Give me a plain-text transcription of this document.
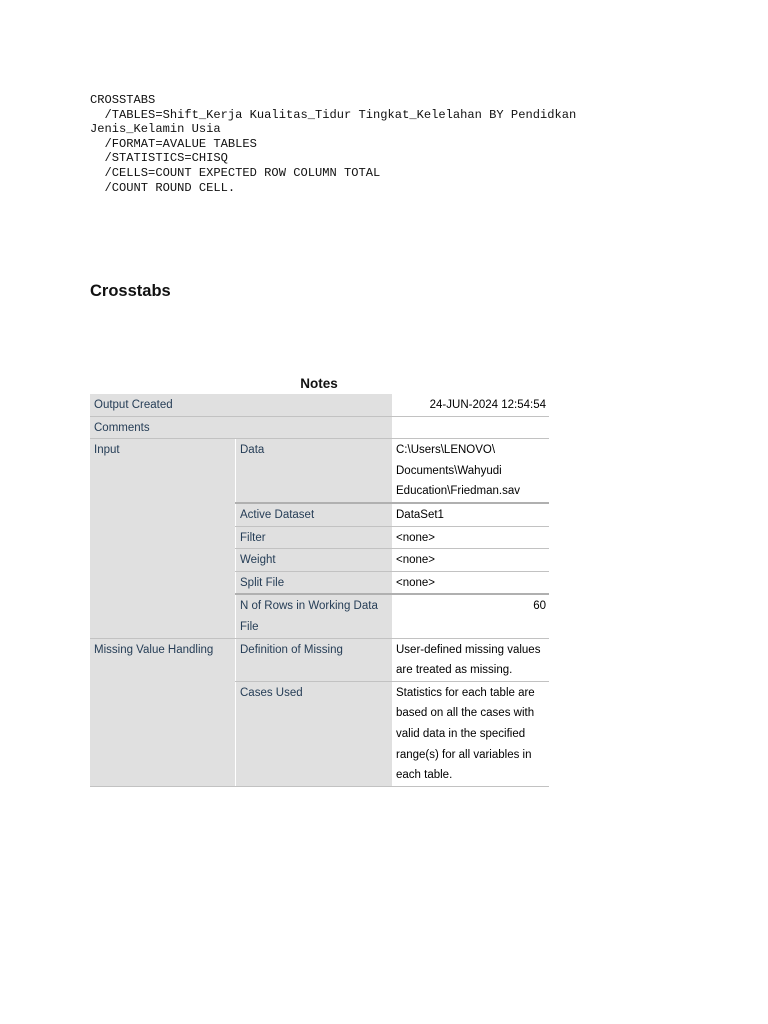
CROSSTABS
/TABLES=Shift_Kerja Kualitas_Tidur Tingkat_Kelelahan BY Pendidkan
Jenis_Kelamin Usia
/FORMAT=AVALUE TABLES
/STATISTICS=CHISQ
/CELLS=COUNT EXPECTED ROW COLUMN TOTAL
/COUNT ROUND CELL.
Crosstabs
Notes
Output Created		24-JUN-2024 12:54:54
Comments		
Input	Data	C:\Users\LENOVO\ Documents\Wahyudi Education\Friedman.sav
	Active Dataset	DataSet1
	Filter	<none>
	Weight	<none>
	Split File	<none>
	N of Rows in Working Data File	60
Missing Value Handling	Definition of Missing	User-defined missing values are treated as missing.
	Cases Used	Statistics for each table are based on all the cases with valid data in the specified range(s) for all variables in each table.
